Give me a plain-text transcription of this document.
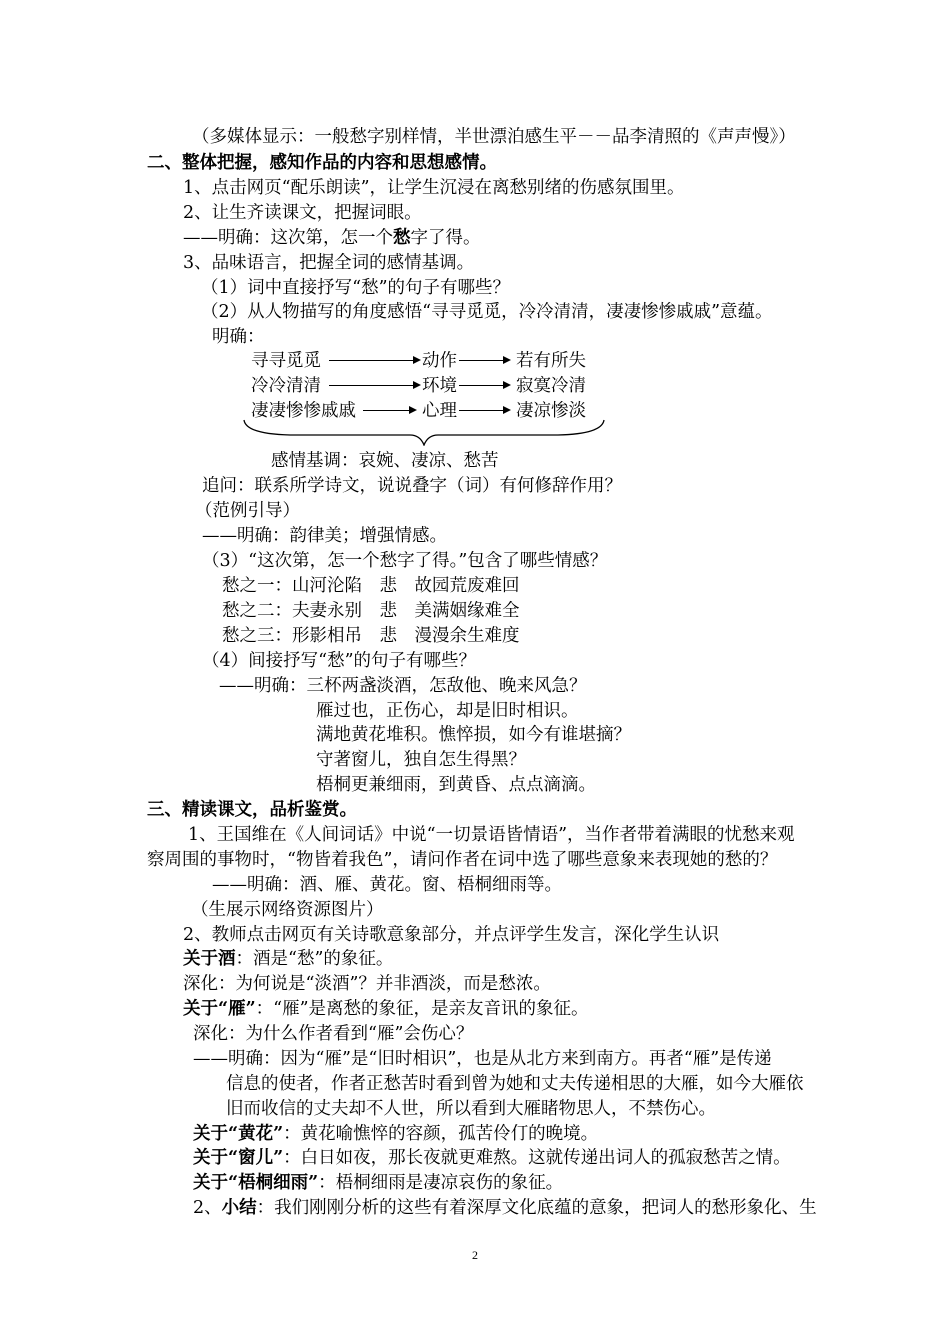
（多媒体显示：一般愁字别样情，半世漂泊感生平－－品李清照的《声声慢》）
二、整体把握，感知作品的内容和思想感情。
1、点击网页“配乐朗读”，让学生沉浸在离愁别绪的伤感氛围里。
2、让生齐读课文，把握词眼。
——明确：这次第，怎一个愁字了得。
3、品味语言，把握全词的感情基调。
（1）词中直接抒写“愁”的句子有哪些？
（2）从人物描写的角度感悟“寻寻觅觅，冷冷清清，凄凄惨惨戚戚”意蕴。
明确：
寻寻觅觅	动作	若有所失
冷冷清清	环境	寂寞冷清
凄凄惨惨戚戚	心理	凄凉惨淡
感情基调：哀婉、凄凉、愁苦
追问：联系所学诗文，说说叠字（词）有何修辞作用？
（范例引导）
——明确：韵律美；增强情感。
（3）“这次第，怎一个愁字了得。”包含了哪些情感？
愁之一：山河沦陷　悲　故园荒废难回
愁之二：夫妻永别　悲　美满姻缘难全
愁之三：形影相吊　悲　漫漫余生难度
（4）间接抒写“愁”的句子有哪些？
——明确：三杯两盏淡酒，怎敌他、晚来风急？
雁过也，正伤心，却是旧时相识。
满地黄花堆积。憔悴损，如今有谁堪摘？
守著窗儿，独自怎生得黑？
梧桐更兼细雨，到黄昏、点点滴滴。
三、精读课文，品析鉴赏。
1、王国维在《人间词话》中说“一切景语皆情语”，当作者带着满眼的忧愁来观
察周围的事物时，“物皆着我色”，请问作者在词中选了哪些意象来表现她的愁的？
——明确：酒、雁、黄花。窗、梧桐细雨等。
（生展示网络资源图片）
2、教师点击网页有关诗歌意象部分，并点评学生发言，深化学生认识
关于酒：酒是“愁”的象征。
深化：为何说是“淡酒”？并非酒淡，而是愁浓。
关于“雁”：“雁”是离愁的象征，是亲友音讯的象征。
深化：为什么作者看到“雁”会伤心？
——明确：因为“雁”是“旧时相识”，也是从北方来到南方。再者“雁”是传递
信息的使者，作者正愁苦时看到曾为她和丈夫传递相思的大雁，如今大雁依
旧而收信的丈夫却不人世，所以看到大雁睹物思人，不禁伤心。
关于“黄花”：黄花喻憔悴的容颜，孤苦伶仃的晚境。
关于“窗儿”：白日如夜，那长夜就更难熬。这就传递出词人的孤寂愁苦之情。
关于“梧桐细雨”：梧桐细雨是凄凉哀伤的象征。
2、小结：我们刚刚分析的这些有着深厚文化底蕴的意象，把词人的愁形象化、生
2
